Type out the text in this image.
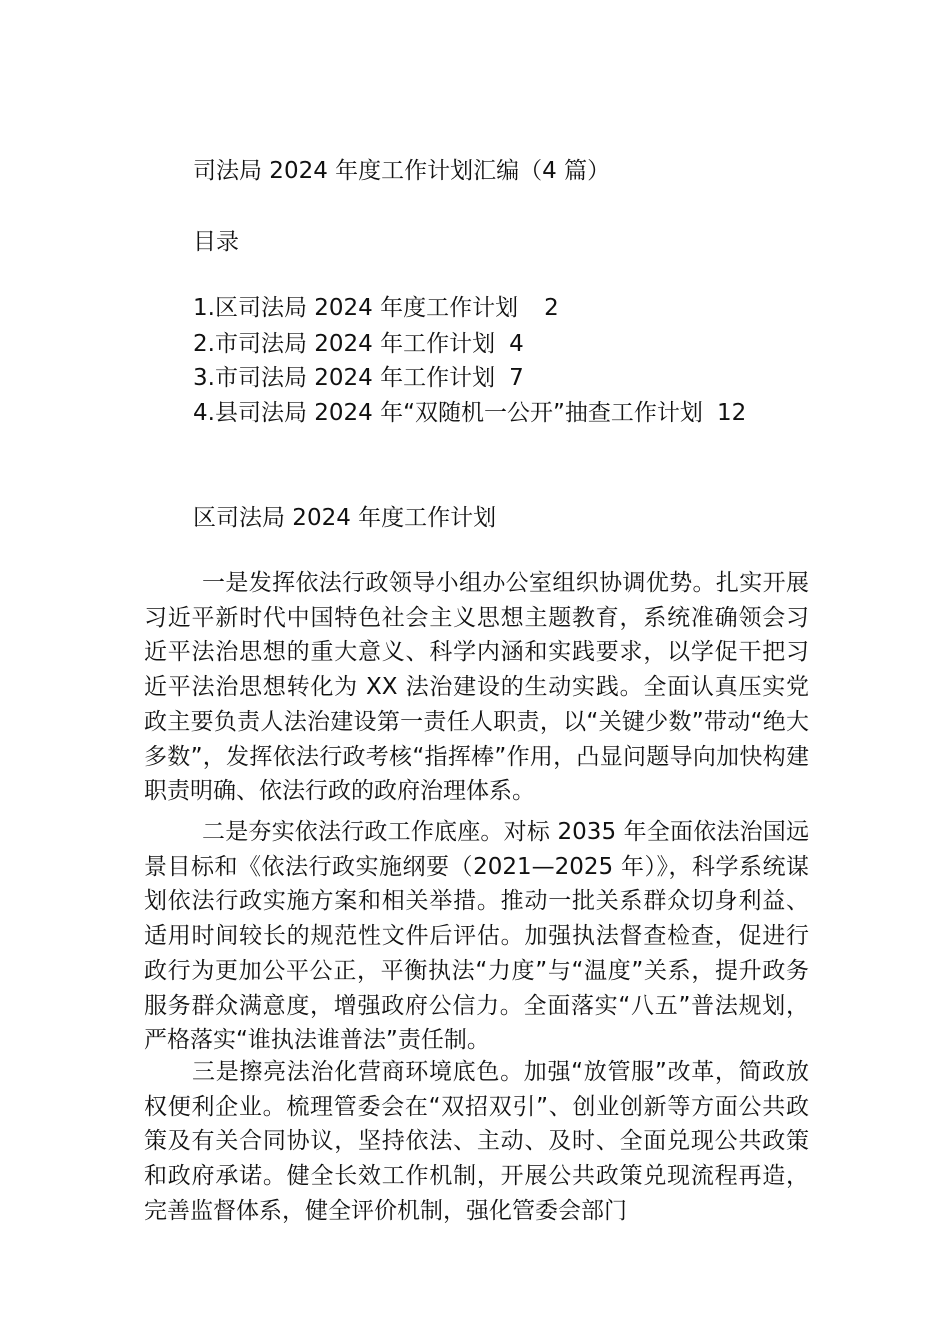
司法局 2024 年度工作计划汇编（4 篇）
目录
1.区司法局 2024 年度工作计划 2
2.市司法局 2024 年工作计划 4
3.市司法局 2024 年工作计划 7
4.县司法局 2024 年“双随机一公开”抽查工作计划 12
区司法局 2024 年度工作计划

一是发挥依法行政领导小组办公室组织协调优势。扎实开展习近平新时代中国特色社会主义思想主题教育，系统准确领会习近平法治思想的重大意义、科学内涵和实践要求，以学促干把习近平法治思想转化为 XX 法治建设的生动实践。全面认真压实党政主要负责人法治建设第一责任人职责，以“关键少数”带动“绝大多数”，发挥依法行政考核“指挥棒”作用，凸显问题导向加快构建职责明确、依法行政的政府治理体系。

二是夯实依法行政工作底座。对标 2035 年全面依法治国远景目标和《依法行政实施纲要（2021—2025 年）》，科学系统谋划依法行政实施方案和相关举措。推动一批关系群众切身利益、适用时间较长的规范性文件后评估。加强执法督查检查，促进行政行为更加公平公正，平衡执法“力度”与“温度”关系，提升政务服务群众满意度，增强政府公信力。全面落实“八五”普法规划，严格落实“谁执法谁普法”责任制。

三是擦亮法治化营商环境底色。加强“放管服”改革，简政放权便利企业。梳理管委会在“双招双引”、创业创新等方面公共政策及有关合同协议，坚持依法、主动、及时、全面兑现公共政策和政府承诺。健全长效工作机制，开展公共政策兑现流程再造，完善监督体系，健全评价机制，强化管委会部门
